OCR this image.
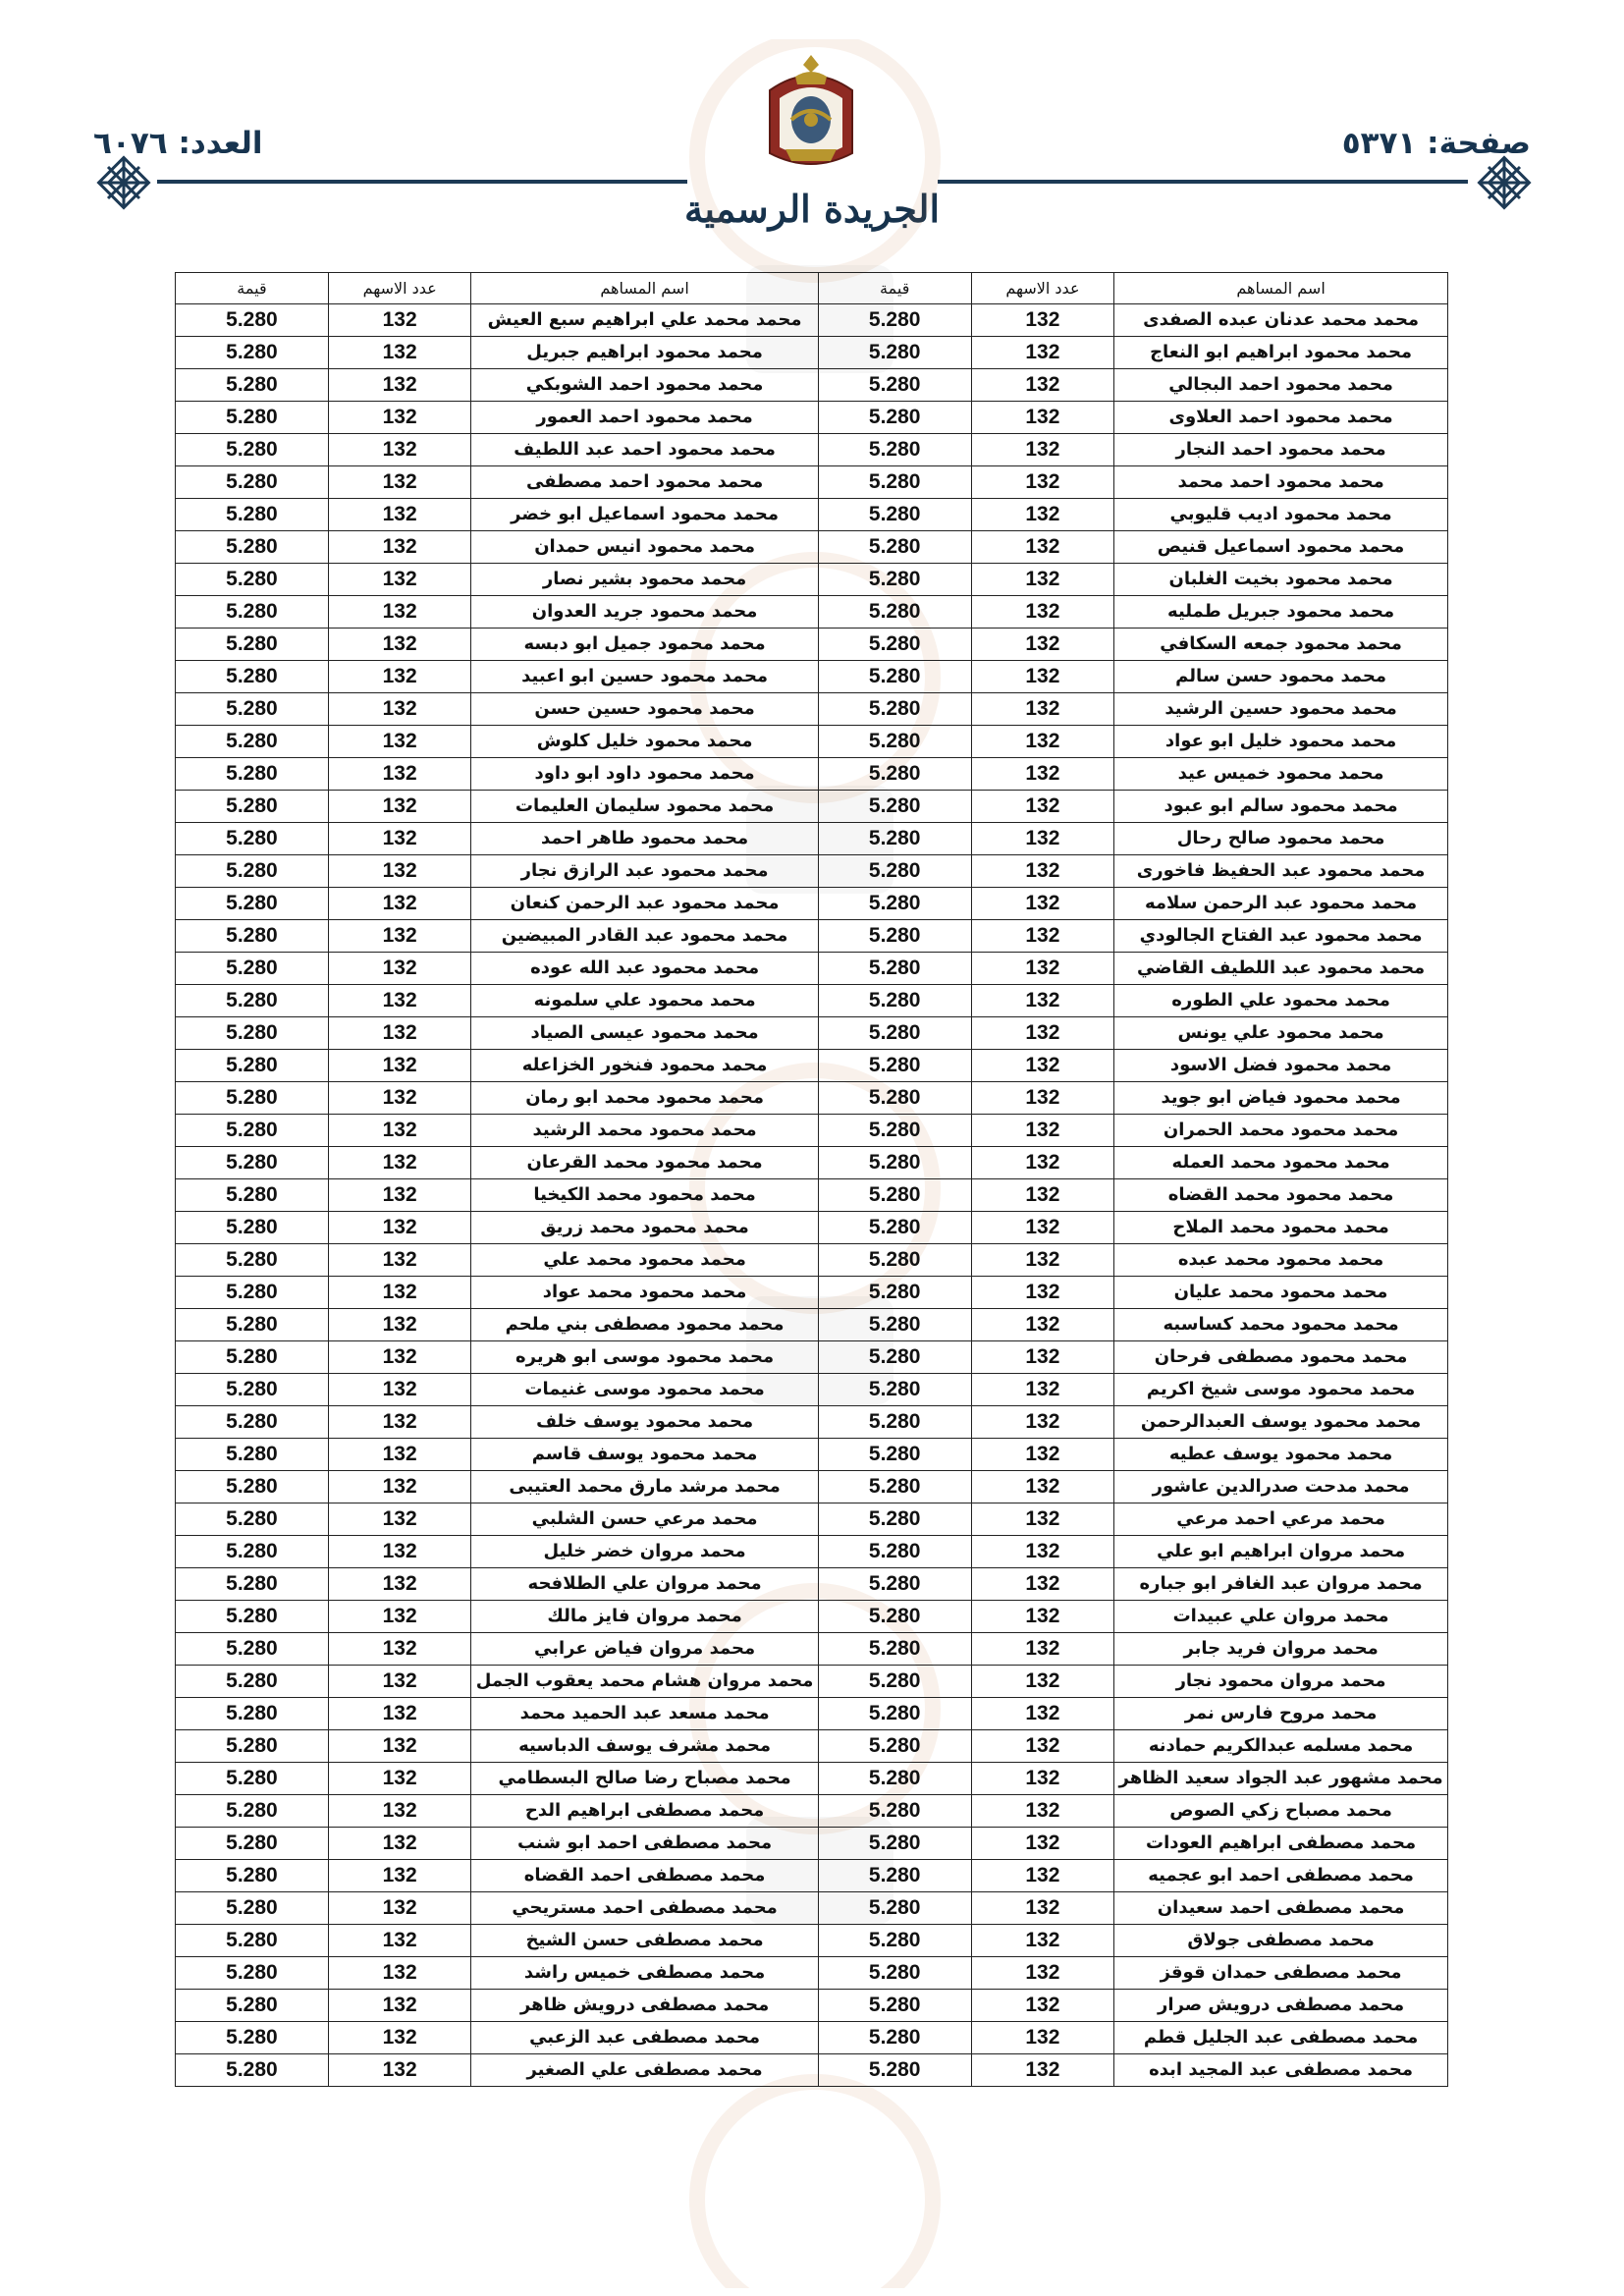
صفحة: ٥٣٧١
العدد: ٦٠٧٦
الجريدة الرسمية
اسم المساهم	عدد الاسهم	قيمة	اسم المساهم	عدد الاسهم	قيمة
محمد محمد عدنان عبده الصفدى	132	5.280	محمد محمد علي ابراهيم سبع العيش	132	5.280
محمد محمود ابراهيم ابو النعاج	132	5.280	محمد محمود ابراهيم جبريل	132	5.280
محمد محمود احمد البجالي	132	5.280	محمد محمود احمد الشوبكي	132	5.280
محمد محمود احمد العلاوى	132	5.280	محمد محمود احمد العمور	132	5.280
محمد محمود احمد النجار	132	5.280	محمد محمود احمد عبد اللطيف	132	5.280
محمد محمود احمد محمد	132	5.280	محمد محمود احمد مصطفى	132	5.280
محمد محمود اديب قليوبي	132	5.280	محمد محمود اسماعيل ابو خضر	132	5.280
محمد محمود اسماعيل قنيص	132	5.280	محمد محمود انيس حمدان	132	5.280
محمد محمود بخيت الغلبان	132	5.280	محمد محمود بشير نصار	132	5.280
محمد محمود جبريل طمليه	132	5.280	محمد محمود جريد العدوان	132	5.280
محمد محمود جمعه السكافي	132	5.280	محمد محمود جميل ابو دبسه	132	5.280
محمد محمود حسن سالم	132	5.280	محمد محمود حسين ابو اعبيد	132	5.280
محمد محمود حسين الرشيد	132	5.280	محمد محمود حسين حسن	132	5.280
محمد محمود خليل ابو عواد	132	5.280	محمد محمود خليل كلوش	132	5.280
محمد محمود خميس عيد	132	5.280	محمد محمود داود ابو داود	132	5.280
محمد محمود سالم ابو عبود	132	5.280	محمد محمود سليمان العليمات	132	5.280
محمد محمود صالح رحال	132	5.280	محمد محمود طاهر احمد	132	5.280
محمد محمود عبد الحفيظ فاخورى	132	5.280	محمد محمود عبد الرازق نجار	132	5.280
محمد محمود عبد الرحمن سلامه	132	5.280	محمد محمود عبد الرحمن كنعان	132	5.280
محمد محمود عبد الفتاح الجالودي	132	5.280	محمد محمود عبد القادر المبيضين	132	5.280
محمد محمود عبد اللطيف القاضي	132	5.280	محمد محمود عبد الله عوده	132	5.280
محمد محمود علي الطوره	132	5.280	محمد محمود علي سلمونه	132	5.280
محمد محمود علي يونس	132	5.280	محمد محمود عيسى الصياد	132	5.280
محمد محمود فضل الاسود	132	5.280	محمد محمود فنخور الخزاعله	132	5.280
محمد محمود فياض ابو جويد	132	5.280	محمد محمود محمد ابو رمان	132	5.280
محمد محمود محمد الحمران	132	5.280	محمد محمود محمد الرشيد	132	5.280
محمد محمود محمد العمله	132	5.280	محمد محمود محمد القرعان	132	5.280
محمد محمود محمد القضاه	132	5.280	محمد محمود محمد الكيخيا	132	5.280
محمد محمود محمد الملاح	132	5.280	محمد محمود محمد زريق	132	5.280
محمد محمود محمد عبده	132	5.280	محمد محمود محمد علي	132	5.280
محمد محمود محمد عليان	132	5.280	محمد محمود محمد عواد	132	5.280
محمد محمود محمد كساسبه	132	5.280	محمد محمود مصطفى بني ملحم	132	5.280
محمد محمود مصطفى فرحان	132	5.280	محمد محمود موسى ابو هريره	132	5.280
محمد محمود موسى شيخ اكريم	132	5.280	محمد محمود موسى غنيمات	132	5.280
محمد محمود يوسف العبدالرحمن	132	5.280	محمد محمود يوسف خلف	132	5.280
محمد محمود يوسف عطيه	132	5.280	محمد محمود يوسف قاسم	132	5.280
محمد مدحت صدرالدين عاشور	132	5.280	محمد مرشد مارق محمد العتيبى	132	5.280
محمد مرعي احمد مرعي	132	5.280	محمد مرعي حسن الشلبي	132	5.280
محمد مروان ابراهيم ابو علي	132	5.280	محمد مروان خضر خليل	132	5.280
محمد مروان عبد الغافر ابو جباره	132	5.280	محمد مروان علي الطلافحه	132	5.280
محمد مروان علي عبيدات	132	5.280	محمد مروان فايز مالك	132	5.280
محمد مروان فريد جابر	132	5.280	محمد مروان فياض عرابي	132	5.280
محمد مروان محمود نجار	132	5.280	محمد مروان هشام محمد يعقوب الجمل	132	5.280
محمد مروح فارس نمر	132	5.280	محمد مسعد عبد الحميد محمد	132	5.280
محمد مسلمه عبدالكريم حمادنه	132	5.280	محمد مشرف يوسف الدباسيه	132	5.280
محمد مشهور عبد الجواد سعيد الظاهر	132	5.280	محمد مصباح رضا صالح البسطامي	132	5.280
محمد مصباح زكي الصوص	132	5.280	محمد مصطفى ابراهيم الدح	132	5.280
محمد مصطفى ابراهيم العودات	132	5.280	محمد مصطفى احمد ابو شنب	132	5.280
محمد مصطفى احمد ابو عجميه	132	5.280	محمد مصطفى احمد القضاه	132	5.280
محمد مصطفى احمد سعيدان	132	5.280	محمد مصطفى احمد مستريحي	132	5.280
محمد مصطفى جولاق	132	5.280	محمد مصطفى حسن الشيخ	132	5.280
محمد مصطفى حمدان قوقز	132	5.280	محمد مصطفى خميس راشد	132	5.280
محمد مصطفى درويش صرار	132	5.280	محمد مصطفى درويش ظاهر	132	5.280
محمد مصطفى عبد الجليل قطم	132	5.280	محمد مصطفى عبد الزعبي	132	5.280
محمد مصطفى عبد المجيد ابده	132	5.280	محمد مصطفى علي الصغير	132	5.280
